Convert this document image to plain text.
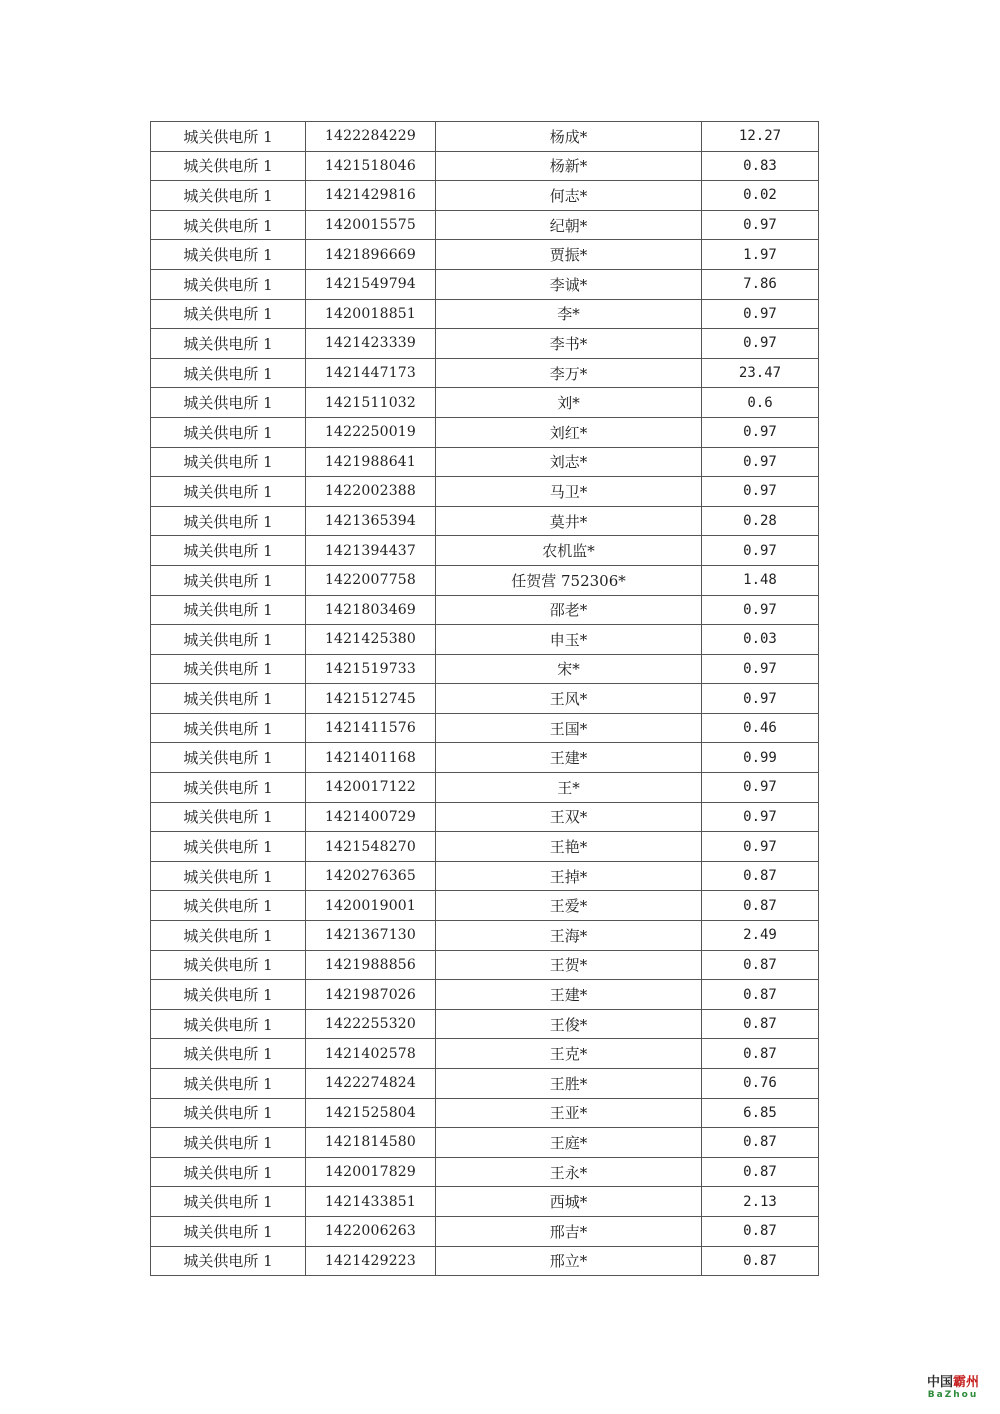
城关供电所 1	1422284229	杨成*	12.27
城关供电所 1	1421518046	杨新*	0.83
城关供电所 1	1421429816	何志*	0.02
城关供电所 1	1420015575	纪朝*	0.97
城关供电所 1	1421896669	贾振*	1.97
城关供电所 1	1421549794	李诚*	7.86
城关供电所 1	1420018851	李*	0.97
城关供电所 1	1421423339	李书*	0.97
城关供电所 1	1421447173	李万*	23.47
城关供电所 1	1421511032	刘*	0.6
城关供电所 1	1422250019	刘红*	0.97
城关供电所 1	1421988641	刘志*	0.97
城关供电所 1	1422002388	马卫*	0.97
城关供电所 1	1421365394	莫井*	0.28
城关供电所 1	1421394437	农机监*	0.97
城关供电所 1	1422007758	任贺营 752306*	1.48
城关供电所 1	1421803469	邵老*	0.97
城关供电所 1	1421425380	申玉*	0.03
城关供电所 1	1421519733	宋*	0.97
城关供电所 1	1421512745	王风*	0.97
城关供电所 1	1421411576	王国*	0.46
城关供电所 1	1421401168	王建*	0.99
城关供电所 1	1420017122	王*	0.97
城关供电所 1	1421400729	王双*	0.97
城关供电所 1	1421548270	王艳*	0.97
城关供电所 1	1420276365	王掉*	0.87
城关供电所 1	1420019001	王爱*	0.87
城关供电所 1	1421367130	王海*	2.49
城关供电所 1	1421988856	王贺*	0.87
城关供电所 1	1421987026	王建*	0.87
城关供电所 1	1422255320	王俊*	0.87
城关供电所 1	1421402578	王克*	0.87
城关供电所 1	1422274824	王胜*	0.76
城关供电所 1	1421525804	王亚*	6.85
城关供电所 1	1421814580	王庭*	0.87
城关供电所 1	1420017829	王永*	0.87
城关供电所 1	1421433851	西城*	2.13
城关供电所 1	1422006263	邢吉*	0.87
城关供电所 1	1421429223	邢立*	0.87
中国霸州
BaZhou
